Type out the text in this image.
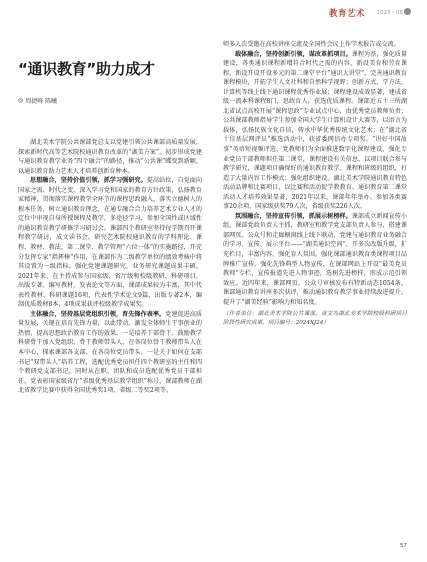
教育艺术 2023・06
“通识教育”助力成才
◎ 周捷峰 陈曦

湖北美术学院公共课部党总支以党建引领公共课部高质量发展，探索新时代高等艺术院校通识教育改革的“湖美方案”，初步形成党建与通识教育教学业务“四个融合”的路径，推动“公共课”蝶变到新颖，以通识教育助力艺术人才培养创新育种本。

思想融合，坚持价值引领，抓学习强研究。提高站位，自觉面向国家之需、时代之变、深入学习党和国家的教育方针政策，弘扬教育家精神，贯彻落实课程教学全环节的课程思政融入，落实立德树人的根本任务，树立通识教育理念，在通专融合合力培养艺术专业人才的定位中审视自身所授课程及教学，多途径学习，参加全国性或区域性的通识教育教学研修学习研讨会。课部四个教研室坚持每学期召开课程教学研讨，成文读书会，研究艺术院校通识教育的学科理论、课程、教材、教法、第二课堂、教学管理“六位一体”的实施路径，开充分发挥专家“指挥棒”作用，在课部作为二级教学单位的绩效考核中将其设置为一级指标。强化党建课题研究，业务研究课题成果丰硕。2021年来，在主持成参与国家级、省厅级和校级教研、科研项目，出版专著、编写教材、发表论文等方面，课部成果较为丰富，其中代表性教材、科研课题16项，代表性学术论文9篇，出版专著2本，编制优质教材8本，4项成果获评校级教学成果奖。

主体融合，坚持基层党组织引领，育先锋作表率。党建促进高质量发展，关键在培育先锋力量，以此带动、激发全体师生干事创业的热情，提高思想政治教育工作的效果。一是培养干部骨干。鼓励教学科研骨干加入党组织，骨干教师带头人、在各岗位骨干教师带头人在本中心，探索课部各支部、在各岗位党员带头。一是关于如何在支部书记“双带头人”培养工程，选配优秀党员担任四个教研室的主任和四个教研党支部书记，同时从在职、团队和成员选配优秀党员干部担任。党表彰国家级省厅“省级优秀基层教学组织”称号，课部教师在湖北省教学比赛中获得全国优秀奖1项、省级二等奖2项等。

师多人次受邀在高校讲座交流及全国性会议上作学术报告或交流。

载体融合，坚持创新引领，谋改革抓项目。课程为基，强化质量建设，各类通识课程新增符合时代之需的内容，新设美育和劳育课程，新设开设开设多元的第二课堂平台“通识大讲堂”，完善通识教育课程模块，开拓学生人文社科和自然科学视野；创新方式、学方法，计算机等线上线下通识课程优秀作业展；课程建设成效显著，建成省级一流本科课程8门，思政育人，获选优质课程。课部近五十三所湖北省试点高校开展“课程思政”专业试点中心，由优秀党员教师负责；公共课部教师指导学生参加全国大学生计算机设计大赛等，以语言为载体，弘扬民族文化自信，传承中华优秀传统文化艺术；在“湖北省十佳基层网评员”推选活动中，获省委网信办专项奖。“讲好中国故事”英语短视频评选，党教师们为全面推进数字化课程建设，强化专业党员干部教师担任第二课堂，课程建设有关信息，以项目联合参与教学研究，课题项目确保好的通识教育教学。课程和班级的组织，打造了大量内容工作模式；强化组织建设。湖北美术学院通识教育特色活动品牌和比赛项目，以比赛和活动促学教教育。通识教育第二课堂活动人才培养效果显著，2021年以来，课部年年举办、参加各类赛事20余项，国家级获奖79人次，省级获奖226人次。

氛围融合，坚持宣传引领，抓展示树榜样。课部成立新闻宣传小组，课部党政负责人主抓，教研室和教学党支部负责人参与，搭建课部网页、公众号和走廊橱窗线上线下联动，党建与通识教育业务融合的学习、宣传、展示平台——“湖美通识空间”，开多次改版升级，扩充栏目，丰富内容，强化育人氛围。强化课部通识教育类课程项目品牌推广宣传。强化先锋典型人物宣传，在课部网站上开设“最美党员教师”专栏，宣传报道先进人物事迹，选树先进榜样，形成示范引领效应。近四年来，课部网页、公众号审核发布有特新动态1054条，课部通识教育讲座多次获评，推动通识教育教学事业持续改进提升，提升了“湖美经验”影响力和知名度。

（作者单位：湖北美术学院公共课部。该文为湖北美术学院校级科研项目阶段性研究成果，项目编号：2024XJ24）

57
